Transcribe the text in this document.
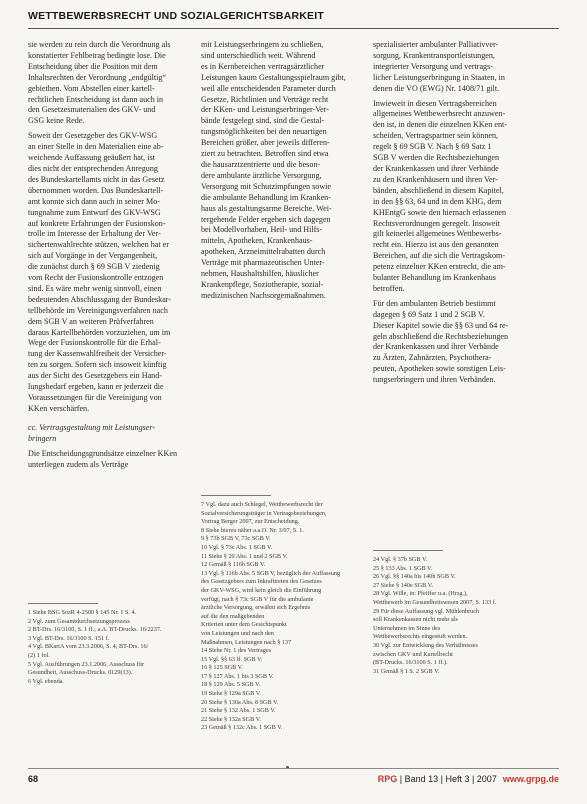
WETTBEWERBSRECHT UND SOZIALGERICHTSBARKEIT

sie werden zu rein durch die Verordnung als
konstatierter Fehlbetrag bedingte lose. Die
Entscheidung über die Position mit dem
Inhaltsrechten der Verordnung „endgültig“
gebiethen. Vom Abstellen einer kartell-
rechtlichen Entscheidung ist dann auch in
den Gesetzesmaterialien des GKV- und
GSG keine Rede.

Soweit der Gesetzgeber des GKV-WSG
an einer Stelle in den Materialien eine ab-
weichende Auffassung geäußert hat, ist
dies nicht der entsprechenden Anregung
des Bundeskartellamts nicht in das Gesetz
übernommen worden. Das Bundeskartell-
amt konnte sich dann auch in seiner Mo-
tungnahme zum Entwurf des GKV-WSG
auf konkrete Erfahrungen der Fusionskon-
trolle im Interesse der Erhaltung der Ver-
sichertenwahlrechte stützen, welchen hat er
sich auf Vorgänge in der Vergangenheit,
die zunächst durch § 69 SGB V ziedenig
vom Recht der Fusionskontrolle entzogen
sind. Es wäre mehr wenig sinnvoll, einen
bedeutenden Abschlussgang der Bundeskar-
tellbehörde im Vereinigungsverfahren nach
dem SGB V an weiteren Prüfverfahren
daraus Kartellbehörden vorzuziehen, um im
Wege der Fusionskontrolle für die Erhal-
tung der Kassenwahlfreiheit der Versicher-
ten zu sorgen. Sofern sich insoweit künftig
aus der Sicht des Gesetzgebers ein Hand-
lungsbedarf ergeben, kann er jederzeit die
Voraussetzungen für die Vereinigung von
KKen verschärfen.

cc. Vertragsgestaltung mit Leistungser-
bringern

Die Entscheidungsgrundsätze einzelner KKen
unterliegen zudem als Verträge

mit Leistungserbringern zu schließen,
sind unterschiedlich weit. Während
es in Kernbereichen vertragsärztlicher
Leistungen kaum Gestaltungsspielraum gibt,
weil alle entscheidenden Parameter durch
Gesetze, Richtlinien und Verträge recht
der KKen- und Leistungserbringer-Ver-
bände festgelegt sind, sind die Gestal-
tungsmöglichkeiten bei den neuartigen
Bereichen größer, aber jeweils differen-
ziert zu betrachten. Betroffen sind etwa
die hausarztzentrierte und die beson-
dere ambulante ärztliche Versorgung,
Versorgung mit Schutzimpfungen sowie
die ambulante Behandlung im Kranken-
haus als gestaltungsarme Bereiche. Wei-
tergehende Felder ergeben sich dagegen
bei Modellvorhaben, Heil- und Hilfs-
mitteln, Apotheken, Krankenhaus-
apotheken, Arzneimittelrabatten durch
Verträge mit pharmazeutischen Unter-
nehmen, Haushaltshilfen, häuslicher
Krankenpflege, Soziotherapie, sozial-
medizinischen Nachsorgemaßnahmen.

spezialisierter ambulanter Palliativver-
sorgung, Krankentransportleistungen,
integrierter Versorgung und vertrags-
licher Leistungserbringung in Staaten, in
denen die VO (EWG) Nr. 1408/71 gilt.

Inwieweit in diesen Vertragsbereichen
allgemeines Wettbewerbsrecht anzuwen-
den ist, in denen die einzelnen KKen ent-
scheiden, Vertragspartner sein können,
regelt § 69 SGB V. Nach § 69 Satz 1
SGB V werden die Rechtsbeziehungen
der Krankenkassen und ihrer Verbände
zu den Krankenhäusern und ihren Ver-
bänden, abschließend in diesem Kapitel,
in den §§ 63, 64 und in dem KHG, dem
KHEntgG sowie den hiernach erlassenen
Rechtsverordnungen geregelt. Insoweit
gilt keinerlei allgemeines Wettbewerbs-
recht ein. Hierzu ist aus den genannten
Bereichen, auf die sich die Vertragskom-
petenz einzelner KKen erstreckt, die am-
bulanter Behandlung im Krankenhaus
betroffen.

Für den ambulanten Betrieb bestimmt
dagegen § 69 Satz 1 und 2 SGB V.
Dieser Kapitel sowie die §§ 63 und 64 re-
geln abschließend die Rechtsbeziehungen
der Krankenkassen und ihrer Verbände
zu Ärzten, Zahnärzten, Psychothera-
peuten, Apotheken sowie sonstigen Leis-
tungserbringern und ihren Verbänden.

1 Siehe BSG SozR 4-2500 § 145 Nr. 1 S. 4.
2 Vgl. zum Gesamtdurchsetzungsprozess
2 BT-Drs. 16/3100, S. 1 ff.; a.A. BT-Drucks. 16/2237.
3 Vgl. BT-Drs. 16/3100 S. 151 f.
4 Vgl. BKartA vom 23.3.2006, S. 4; BT-Drs. 16/
(2) 1 fol.
5 Vgl. Ausführungen 23.1.2006, Ausschuss für
Gesundheit, Ausschuss-Drucks. 0129(13).
6 Vgl. ebenda.
7 Vgl. dazu auch Schlegel, Wettbewerbsrecht der
Sozialversicherungsträger in Vertragsbeziehungen,
Vortrag Berger 2007, zur Entscheidung.
8 Siehe hierzu näher a.a.O. Nr. 3/07, S. 1.
9 § 73b SGB V, 73c SGB V.
10 Vgl. § 73c Abs. 1 SGB V.
11 Siehe § 20 Abs. 1 und 2 SGB V.
12 Gemäß § 116b SGB V.
13 Vgl. § 116b Abs. 5 SGB V, bezüglich der Auffassung
des Gesetzgebers zum Inkrafttreten des Gesetzes
der GKV-WSG, wird kein gleich die Einführung
verfügt, nach § 73c SGB V für die ambulante
ärztliche Versorgung, erwähnt sich Ergebnis
auf die den maßgebenden
Kriterien unter dem Gesichtspunkt
von Leistungen und nach den
Maßnahmen, Leistungen nach § 137
14 Siehe Nr. 1 des Vertrages
15 Vgl. §§ 63 ff. SGB V.
16 § 125 SGB V.
17 § 127 Abs. 1 bis 3 SGB V.
18 § 129 Abs. 5 SGB V.
19 Siehe § 129a SGB V.
20 Siehe § 130a Abs. 8 SGB V.
21 Siehe § 132 Abs. 1 SGB V.
22 Siehe § 132a SGB V.
23 Gemäß § 132c Abs. 1 SGB V.
24 Vgl. § 37b SGB V.
25 § 133 Abs. 1 SGB V.
26 Vgl. §§ 140a bis 140h SGB V.
27 Siehe § 140e SGB V.
28 Vgl. Wille, in: Pfeiffer u.a. (Hrsg.),
Wettbewerb im Gesundheitswesen 2007, S. 133 f.
29 Für diese Auffassung vgl. Mühlenbruch
soll Krankenkassen nicht mehr als
Unternehmen im Sinne des
Wettbewerbsrechts eingestuft werden.
30 Vgl. zur Entwicklung des Verhältnisses
zwischen GKV und Kartellrecht
(BT-Drucks. 16/3100 S. 1 ff.).
31 Gemäß § 1 S. 2 SGB V.
68	RPG | Band 13 | Heft 3 | 2007 www.grpg.de
